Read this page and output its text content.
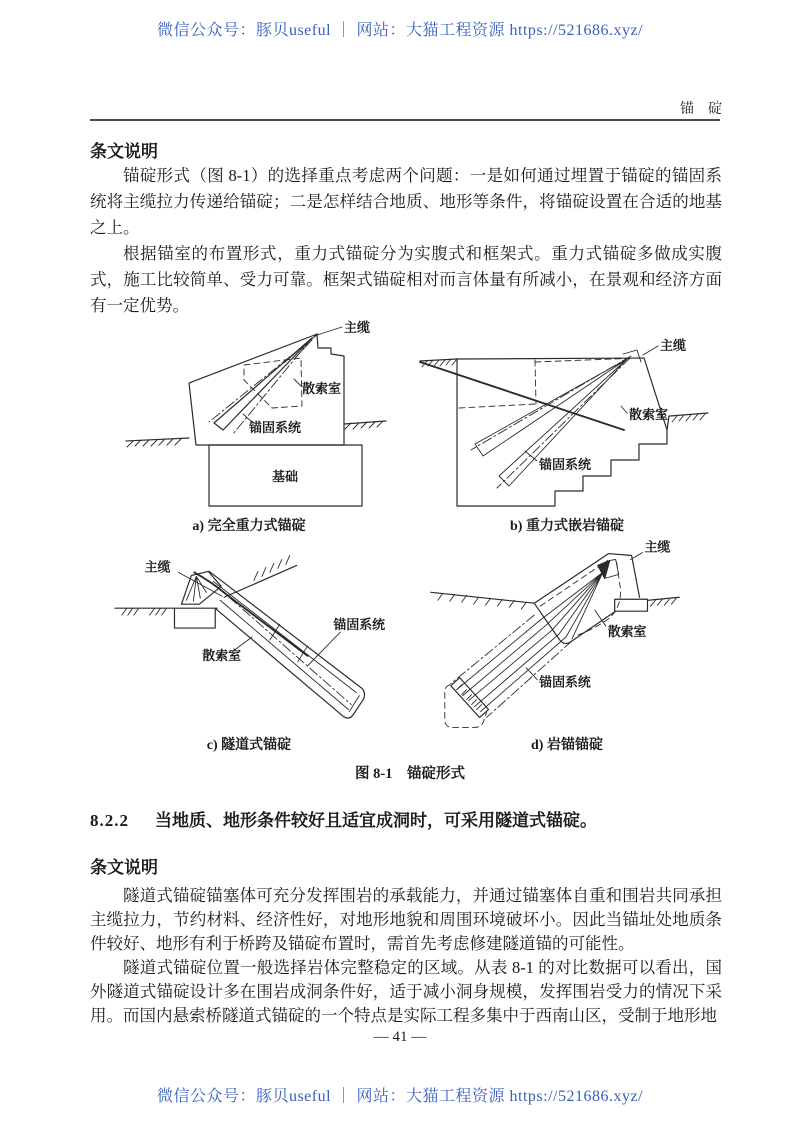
微信公众号：豚贝useful ｜ 网站：大猫工程资源 https://521686.xyz/
锚　碇
条文说明

锚碇形式（图 8-1）的选择重点考虑两个问题：一是如何通过埋置于锚碇的锚固系统将主缆拉力传递给锚碇；二是怎样结合地质、地形等条件，将锚碇设置在合适的地基之上。

根据锚室的布置形式，重力式锚碇分为实腹式和框架式。重力式锚碇多做成实腹式，施工比较简单、受力可靠。框架式锚碇相对而言体量有所减小，在景观和经济方面有一定优势。

主缆
散索室
锚固系统
基础
a) 完全重力式锚碇
主缆
散索室
锚固系统
b) 重力式嵌岩锚碇
主缆
散索室
锚固系统
c) 隧道式锚碇
主缆
散索室
锚固系统
d) 岩锚锚碇
图 8-1　锚碇形式
8.2.2 当地质、地形条件较好且适宜成洞时，可采用隧道式锚碇。
条文说明

隧道式锚碇锚塞体可充分发挥围岩的承载能力，并通过锚塞体自重和围岩共同承担主缆拉力，节约材料、经济性好，对地形地貌和周围环境破坏小。因此当锚址处地质条件较好、地形有利于桥跨及锚碇布置时，需首先考虑修建隧道锚的可能性。

隧道式锚碇位置一般选择岩体完整稳定的区域。从表 8-1 的对比数据可以看出，国外隧道式锚碇设计多在围岩成洞条件好，适于减小洞身规模，发挥围岩受力的情况下采用。而国内悬索桥隧道式锚碇的一个特点是实际工程多集中于西南山区，受制于地形地

— 41 —
微信公众号：豚贝useful ｜ 网站：大猫工程资源 https://521686.xyz/
